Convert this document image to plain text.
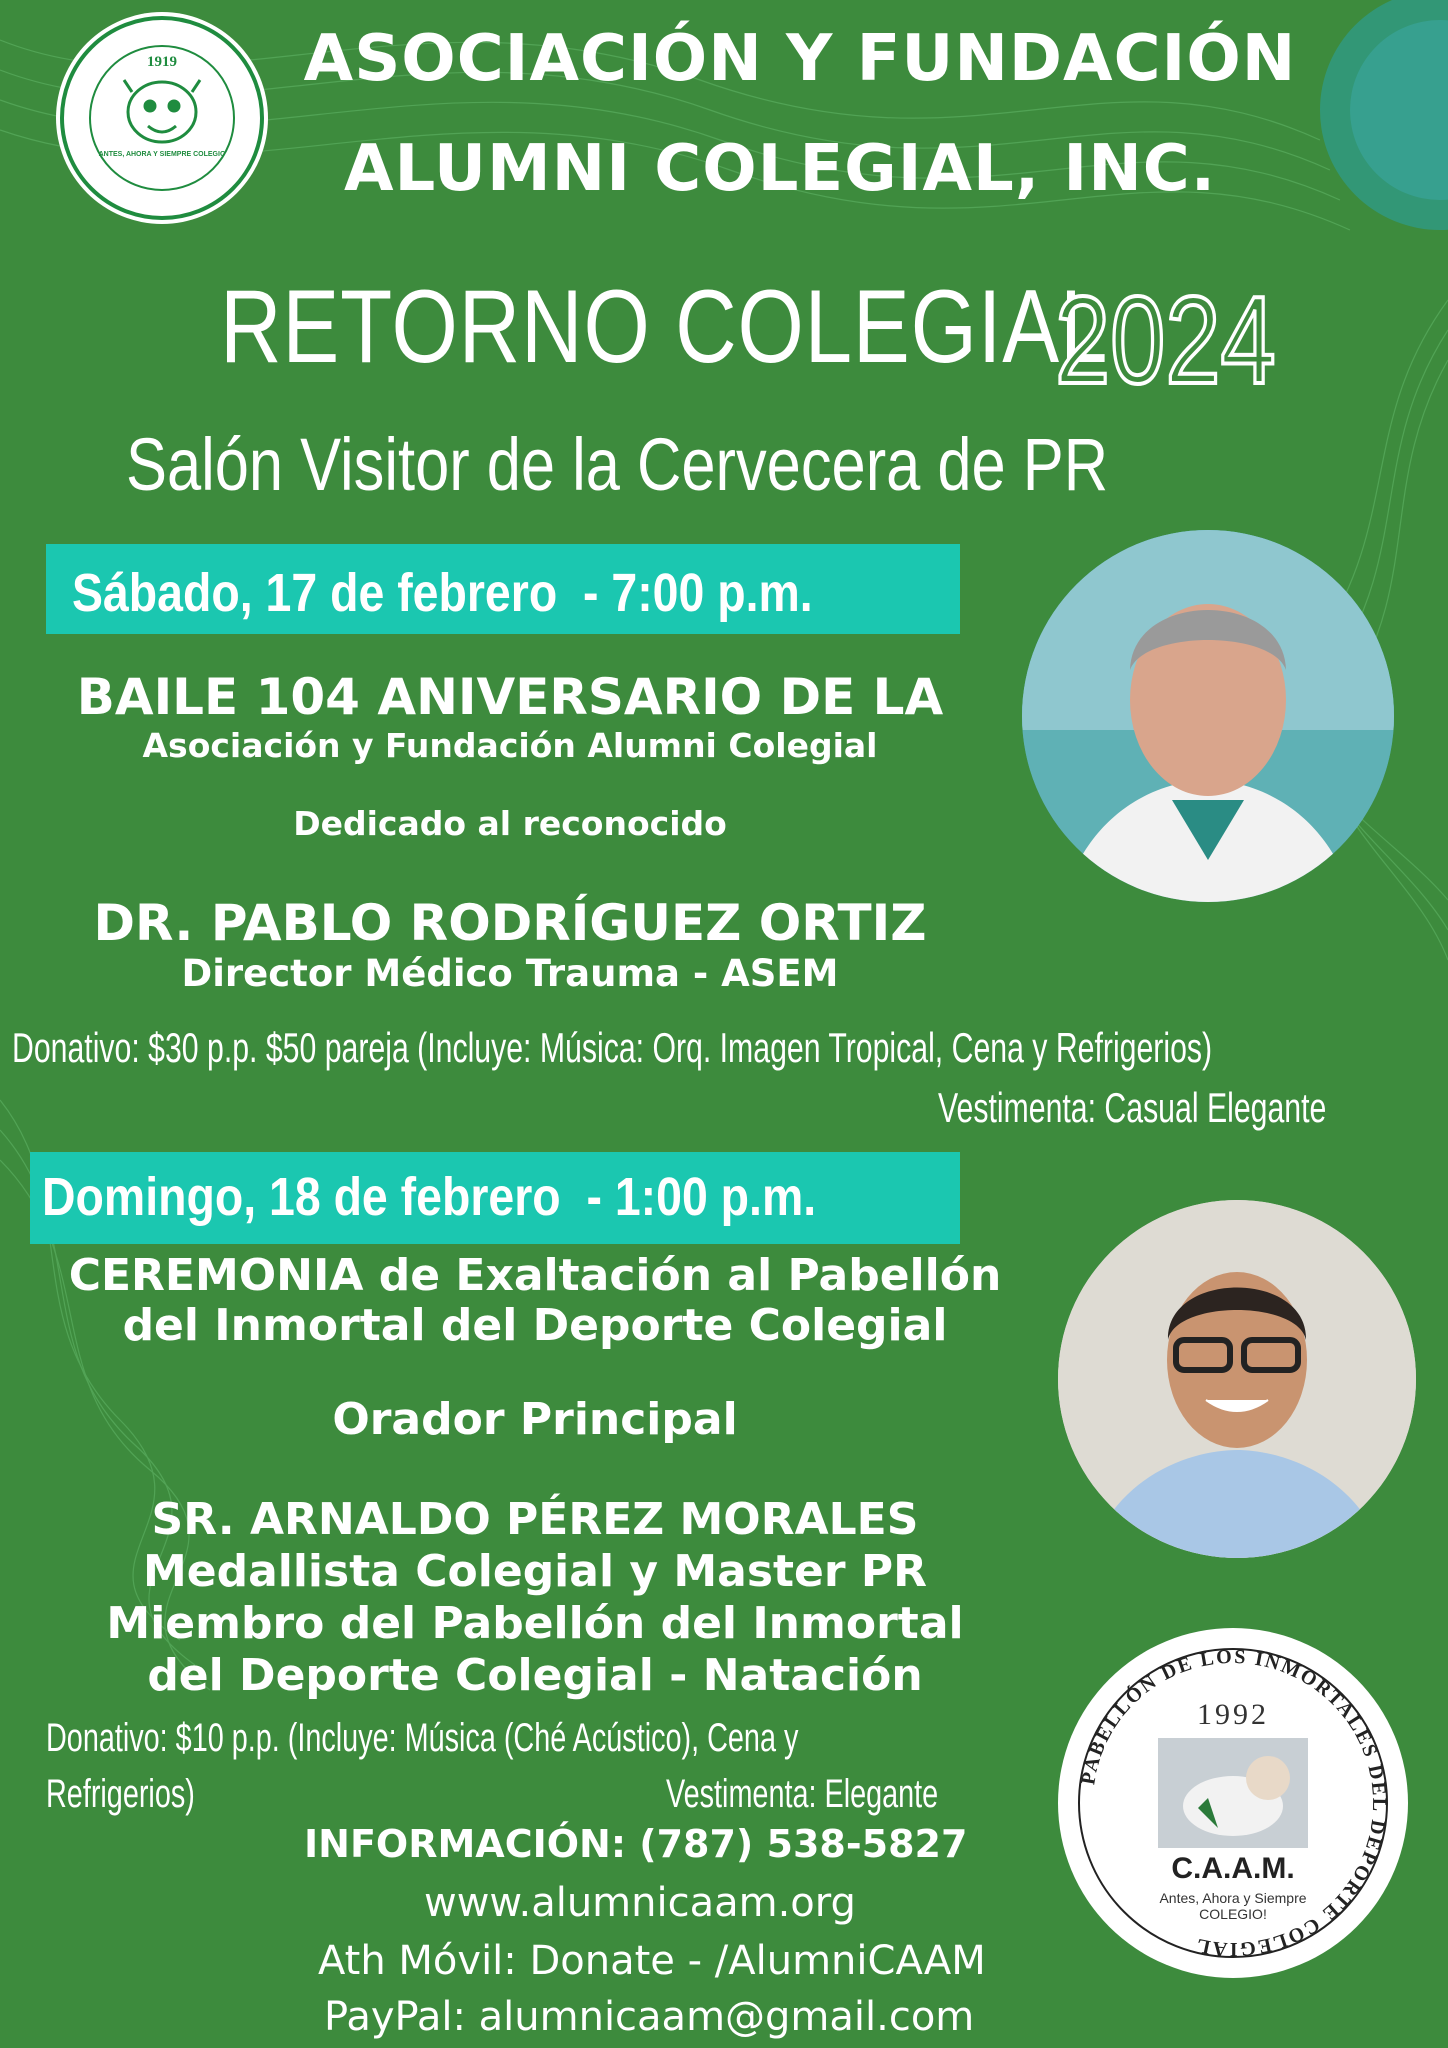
1919
ANTES, AHORA Y SIEMPRE COLEGIO
ASOCIACIÓN Y FUNDACIÓN
ALUMNI COLEGIAL, INC.
RETORNO COLEGIAL
2024
Salón Visitor de la Cervecera de PR
Sábado, 17 de febrero  - 7:00 p.m.
BAILE 104 ANIVERSARIO DE LA
Asociación y Fundación Alumni Colegial
Dedicado al reconocido
DR. PABLO RODRÍGUEZ ORTIZ
Director Médico Trauma - ASEM
Donativo: $30 p.p. $50 pareja (Incluye: Música: Orq. Imagen Tropical, Cena y Refrigerios)
Vestimenta: Casual Elegante
Domingo, 18 de febrero  - 1:00 p.m.
CEREMONIA de Exaltación al Pabellón
del Inmortal del Deporte Colegial
Orador Principal
SR. ARNALDO PÉREZ MORALES
Medallista Colegial y Master PR
Miembro del Pabellón del Inmortal
del Deporte Colegial - Natación
Donativo: $10 p.p. (Incluye: Música (Ché Acústico), Cena y
Refrigerios)	Vestimenta: Elegante
INFORMACIÓN: (787) 538-5827
www.alumnicaam.org
Ath Móvil: Donate - /AlumniCAAM
PayPal: alumnicaam@gmail.com
PABELLÓN DE LOS INMORTALES DEL DEPORTE COLEGIAL
1992
C.A.A.M.
Antes, Ahora y Siempre
COLEGIO!
